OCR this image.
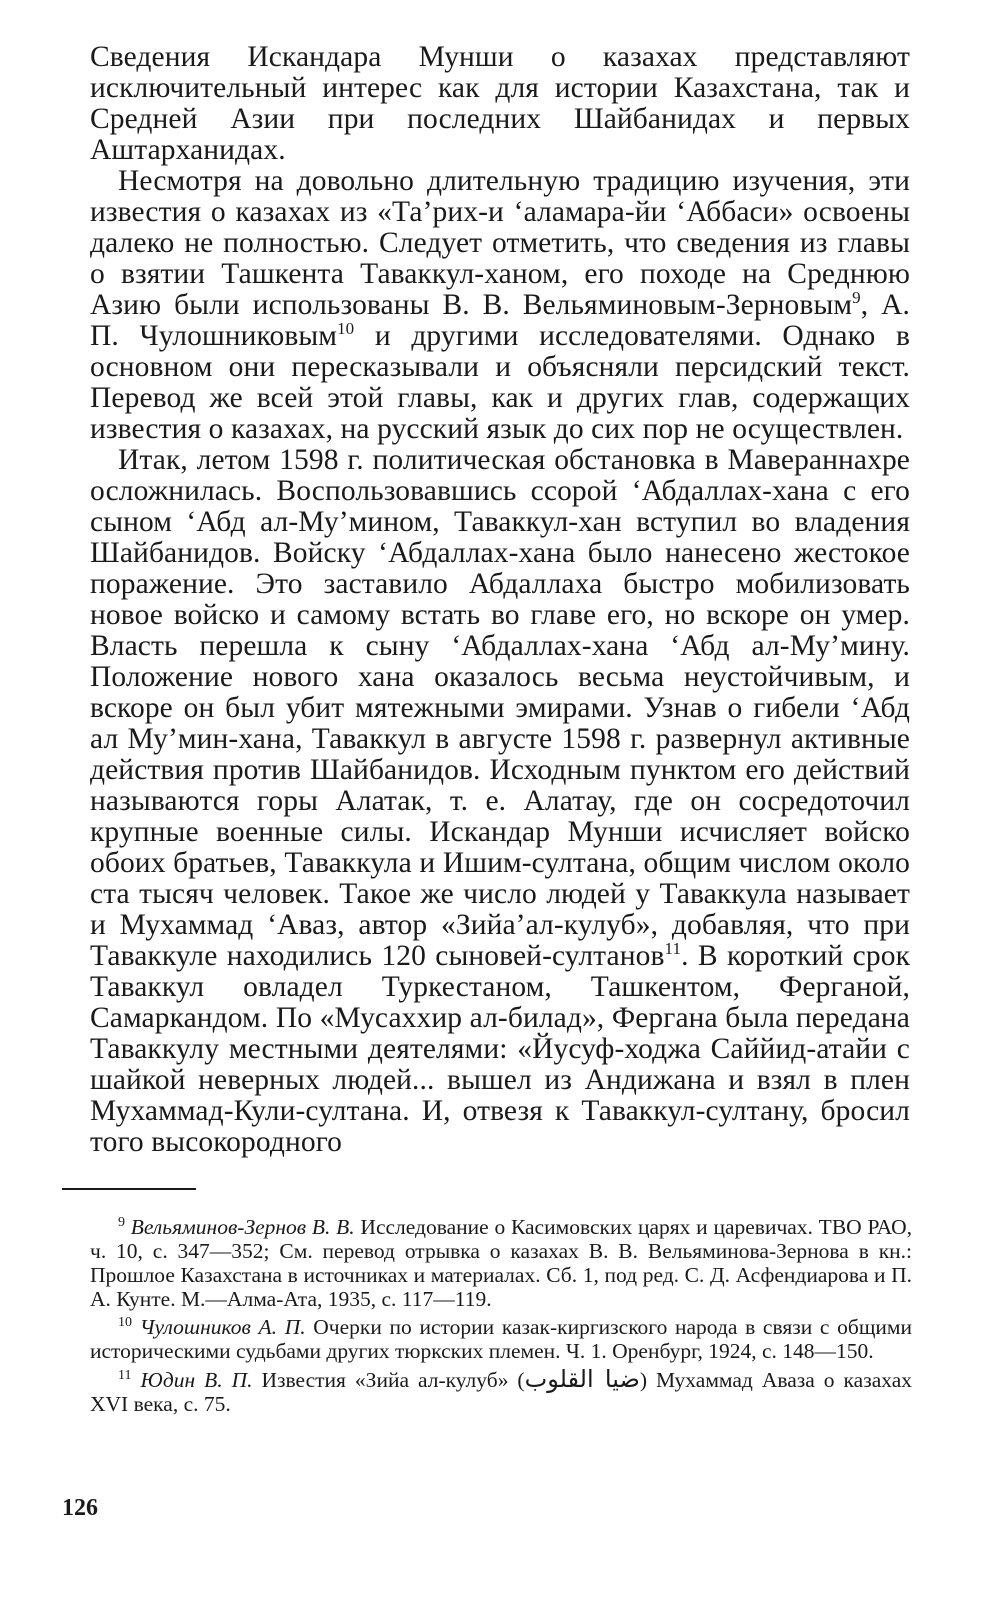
Сведения Искандара Мунши о казахах представляют исключительный интерес как для истории Казахстана, так и Средней Азии при последних Шайбанидах и первых Аштарханидах.

Несмотря на довольно длительную традицию изучения, эти известия о казахах из «Та’рих-и ‘аламара-йи ‘Аббаси» освоены далеко не полностью. Следует отметить, что сведения из главы о взятии Ташкента Таваккул-ханом, его походе на Среднюю Азию были использованы В. В. Вельяминовым-Зерновым$^9$, А. П. Чулошниковым$^{10}$ и другими исследователями. Однако в основном они пересказывали и объясняли персидский текст. Перевод же всей этой главы, как и других глав, содержащих известия о казахах, на русский язык до сих пор не осуществлен.

Итак, летом 1598 г. политическая обстановка в Мавераннахре осложнилась. Воспользовавшись ссорой ‘Абдаллах-хана с его сыном ‘Абд ал-Му’мином, Таваккул-хан вступил во владения Шайбанидов. Войску ‘Абдаллах-хана было нанесено жестокое поражение. Это заставило Абдаллаха быстро мобилизовать новое войско и самому встать во главе его, но вскоре он умер. Власть перешла к сыну ‘Абдаллах-хана ‘Абд ал-Му’мину. Положение нового хана оказалось весьма неустойчивым, и вскоре он был убит мятежными эмирами. Узнав о гибели ‘Абд ал Му’мин-хана, Таваккул в августе 1598 г. развернул активные действия против Шайбанидов. Исходным пунктом его действий называются горы Алатак, т. е. Алатау, где он сосредоточил крупные военные силы. Искандар Мунши исчисляет войско обоих братьев, Таваккула и Ишим-султана, общим числом около ста тысяч человек. Такое же число людей у Таваккула называет и Мухаммад ‘Аваз, автор «Зийа’ал-кулуб», добавляя, что при Таваккуле находились 120 сыновей-султанов$^{11}$. В короткий срок Таваккул овладел Туркестаном, Ташкентом, Ферганой, Самаркандом. По «Мусаххир ал-билад», Фергана была передана Таваккулу местными деятелями: «Йусуф-ходжа Саййид-атайи с шайкой неверных людей... вышел из Андижана и взял в плен Мухаммад-Кули-султана. И, отвезя к Таваккул-султану, бросил того высокородного

$^9$ Вельяминов-Зернов В. В. Исследование о Касимовских царях и царевичах. ТВО РАО, ч. 10, с. 347—352; См. перевод отрывка о казахах В. В. Вельяминова-Зернова в кн.: Прошлое Казахстана в источниках и материалах. Сб. 1, под ред. С. Д. Асфендиарова и П. А. Кунте. М.—Алма-Ата, 1935, с. 117—119.

$^{10}$ Чулошников А. П. Очерки по истории казак-киргизского народа в связи с общими историческими судьбами других тюркских племен. Ч. 1. Оренбург, 1924, с. 148—150.

$^{11}$ Юдин В. П. Известия «Зийа ал-кулуб» (ضيا القلوب) Мухаммад Аваза о казахах XVI века, с. 75.

126
